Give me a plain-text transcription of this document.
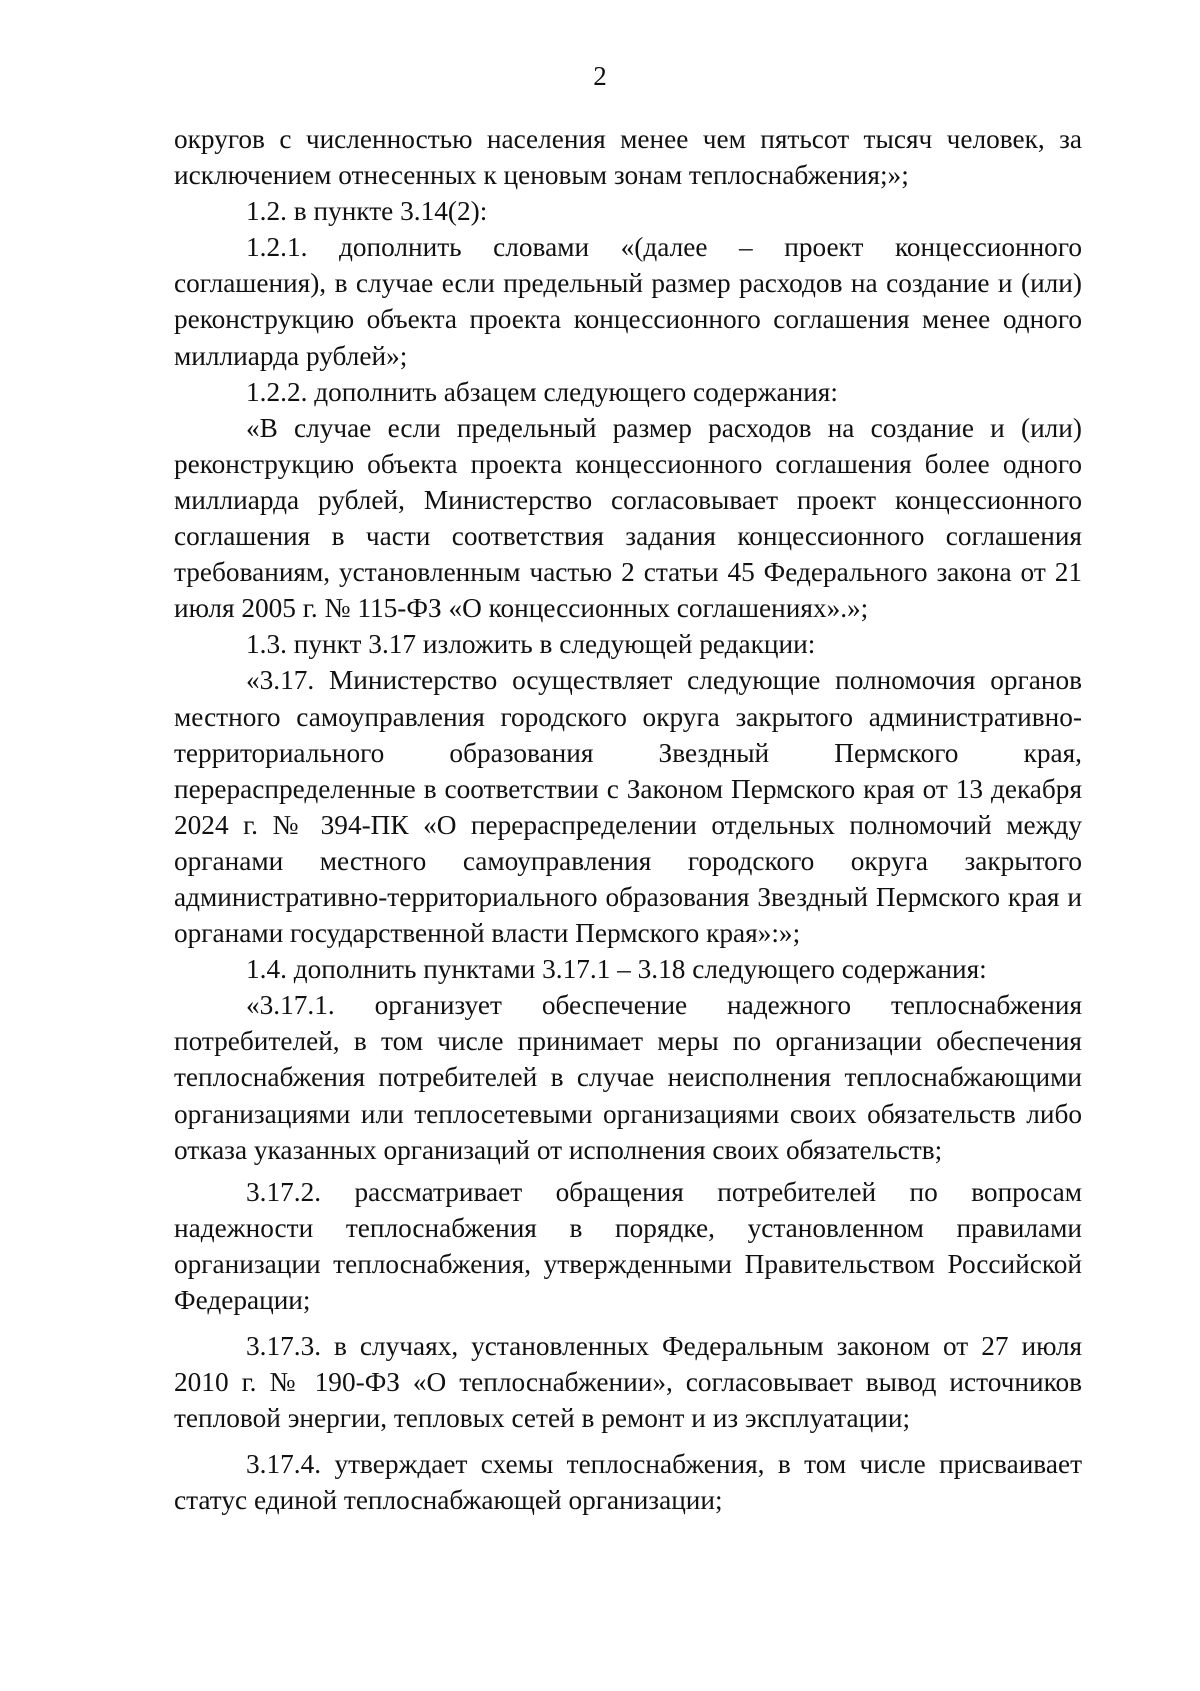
2

округов с численностью населения менее чем пятьсот тысяч человек, за исключением отнесенных к ценовым зонам теплоснабжения;»;

1.2. в пункте 3.14(2):

1.2.1. дополнить словами «(далее – проект концессионного соглашения), в случае если предельный размер расходов на создание и (или) реконструкцию объекта проекта концессионного соглашения менее одного миллиарда рублей»;

1.2.2. дополнить абзацем следующего содержания:

«В случае если предельный размер расходов на создание и (или) реконструкцию объекта проекта концессионного соглашения более одного миллиарда рублей, Министерство согласовывает проект концессионного соглашения в части соответствия задания концессионного соглашения требованиям, установленным частью 2 статьи 45 Федерального закона от 21 июля 2005 г. № 115-ФЗ «О концессионных соглашениях».»;

1.3. пункт 3.17 изложить в следующей редакции:

«3.17. Министерство осуществляет следующие полномочия органов местного самоуправления городского округа закрытого административно-территориального образования Звездный Пермского края, перераспределенные в соответствии с Законом Пермского края от 13 декабря 2024 г. № 394-ПК «О перераспределении отдельных полномочий между органами местного самоуправления городского округа закрытого административно-территориального образования Звездный Пермского края и органами государственной власти Пермского края»:»;

1.4. дополнить пунктами 3.17.1 – 3.18 следующего содержания:

«3.17.1. организует обеспечение надежного теплоснабжения потребителей, в том числе принимает меры по организации обеспечения теплоснабжения потребителей в случае неисполнения теплоснабжающими организациями или теплосетевыми организациями своих обязательств либо отказа указанных организаций от исполнения своих обязательств;

3.17.2. рассматривает обращения потребителей по вопросам надежности теплоснабжения в порядке, установленном правилами организации теплоснабжения, утвержденными Правительством Российской Федерации;

3.17.3. в случаях, установленных Федеральным законом от 27 июля 2010 г. № 190-ФЗ «О теплоснабжении», согласовывает вывод источников тепловой энергии, тепловых сетей в ремонт и из эксплуатации;

3.17.4. утверждает схемы теплоснабжения, в том числе присваивает статус единой теплоснабжающей организации;
